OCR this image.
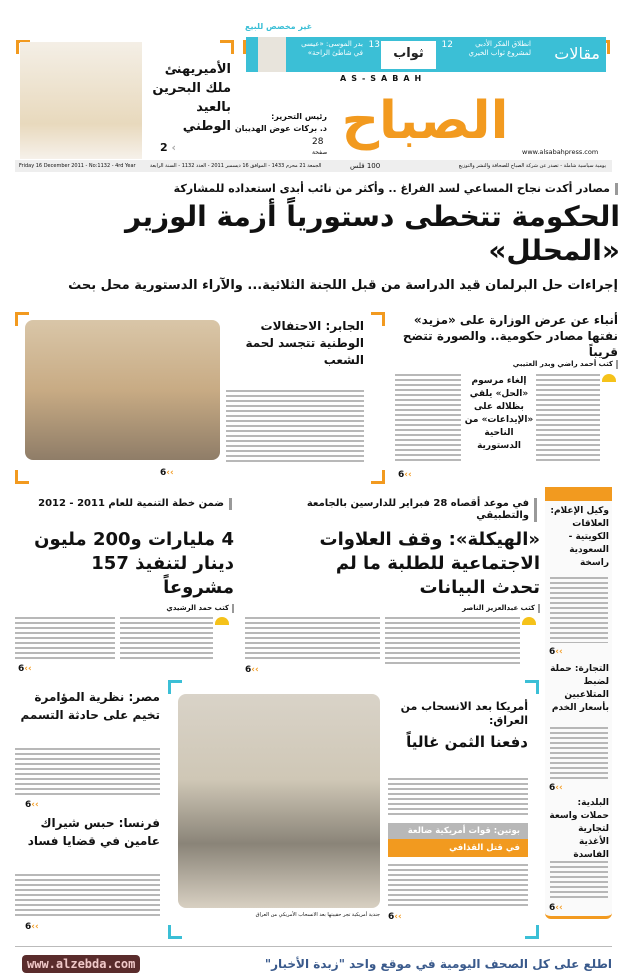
غير مخصص للبيع
مقالات
انطلاق الفكر الأدبي لمشروع ثواب الخيري
12
ثواب
13
بدر الموسى: «عيسى في شاطئ الراحة»
AS-SABAH
الصباح
رئيس التحرير:
د. بركات عوض الهديبان
28
صفحة	www.alsabahpress.com
الأميريهنئ ملك البحرين بالعيد الوطني
2 ‹
يومية سياسية شاملة - تصدر عن شركة الصباح للصحافة والنشر والتوزيع
100 فلس
الجمعة 21 محرم 1433 - الموافق 16 ديسمبر 2011 - العدد 1132 - السنة الرابعة
Friday 16 December 2011 - No:1132 - 4rd Year
مصادر أكدت نجاح المساعي لسد الفراغ .. وأكثر من نائب أبدى استعداده للمشاركة
الحكومة تتخطى دستورياً أزمة الوزير «المحلل»
إجراءات حل البرلمان قيد الدراسة من قبل اللجنة الثلاثية... والآراء الدستورية محل بحث
أنباء عن عرض الوزارة على «مزيد» نفتها مصادر حكومية.. والصورة تتضح قريباً
كتب أحمد راضي وبدر العتيبي
إلغاء مرسوم «الحل» يلقي بظلاله على «الإيداعات» من الناحية الدستورية
6‹‹
الجابر: الاحتفالات الوطنية تتجسد لحمة الشعب
6‹‹
وكيل الإعلام: العلاقات الكويتية - السعودية راسخة
6‹‹
التجارة: حملة لضبط المتلاعبين بأسعار الخدم
6‹‹
البلدية: حملات واسعة لتجارية الأغذية الفاسدة
6‹‹
في موعد أقصاه 28 فبراير للدارسين بالجامعة والتطبيقي
«الهيكلة»: وقف العلاوات الاجتماعية للطلبة ما لم تحدث البيانات
كتب عبدالعزيز الناصر
6‹‹
ضمن خطة التنمية للعام 2011 - 2012
4 مليارات و200 مليون دينار لتنفيذ 157 مشروعاً
كتب حمد الرشيدي
6‹‹
مصر: نظرية المؤامرة تخيم على حادثة التسمم
6‹‹
فرنسا: حبس شيراك عامين في قضايا فساد
6‹‹
جندية أمريكية تجر حقيبتها بعد الانسحاب الأمريكي من العراق
أمريكا بعد الانسحاب من العراق:
دفعنا الثمن غالياً
بوتين: قوات أمريكية ضالعة
في قتل القذافي
6‹‹
www.alzebda.com	اطلع على كل الصحف اليومية في موقع واحد "زبدة الأخبار"
